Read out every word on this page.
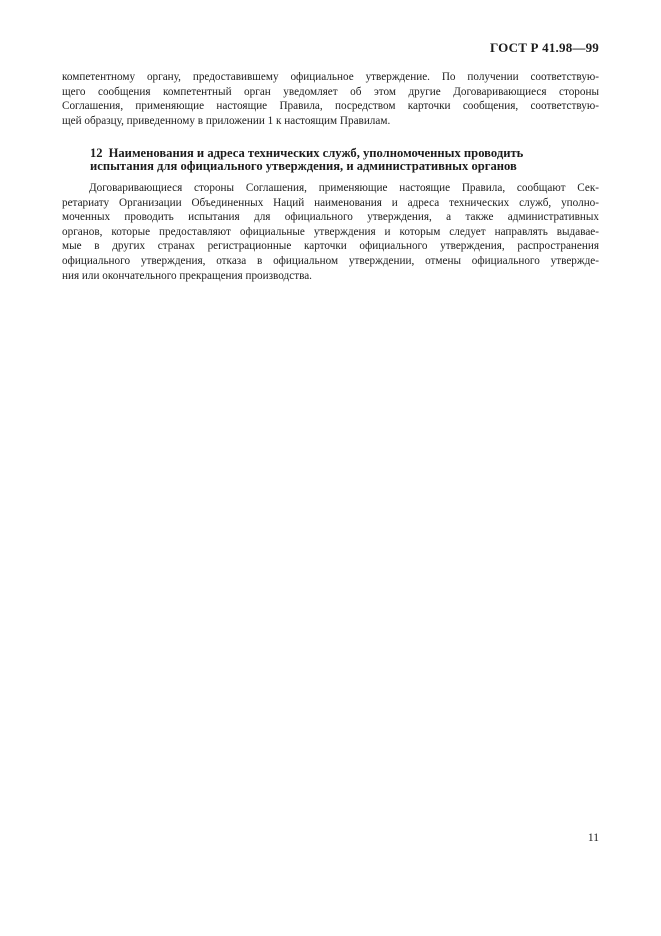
ГОСТ Р 41.98—99
компетентному органу, предоставившему официальное утверждение. По получении соответствую-
щего сообщения компетентный орган уведомляет об этом другие Договаривающиеся стороны
Соглашения, применяющие настоящие Правила, посредством карточки сообщения, соответствую-
щей образцу, приведенному в приложении 1 к настоящим Правилам.
12 Наименования и адреса технических служб, уполномоченных проводить
испытания для официального утверждения, и административных органов
Договаривающиеся стороны Соглашения, применяющие настоящие Правила, сообщают Сек-
ретариату Организации Объединенных Наций наименования и адреса технических служб, уполно-
моченных проводить испытания для официального утверждения, а также административных
органов, которые предоставляют официальные утверждения и которым следует направлять выдавае-
мые в других странах регистрационные карточки официального утверждения, распространения
официального утверждения, отказа в официальном утверждении, отмены официального утвержде-
ния или окончательного прекращения производства.
11
